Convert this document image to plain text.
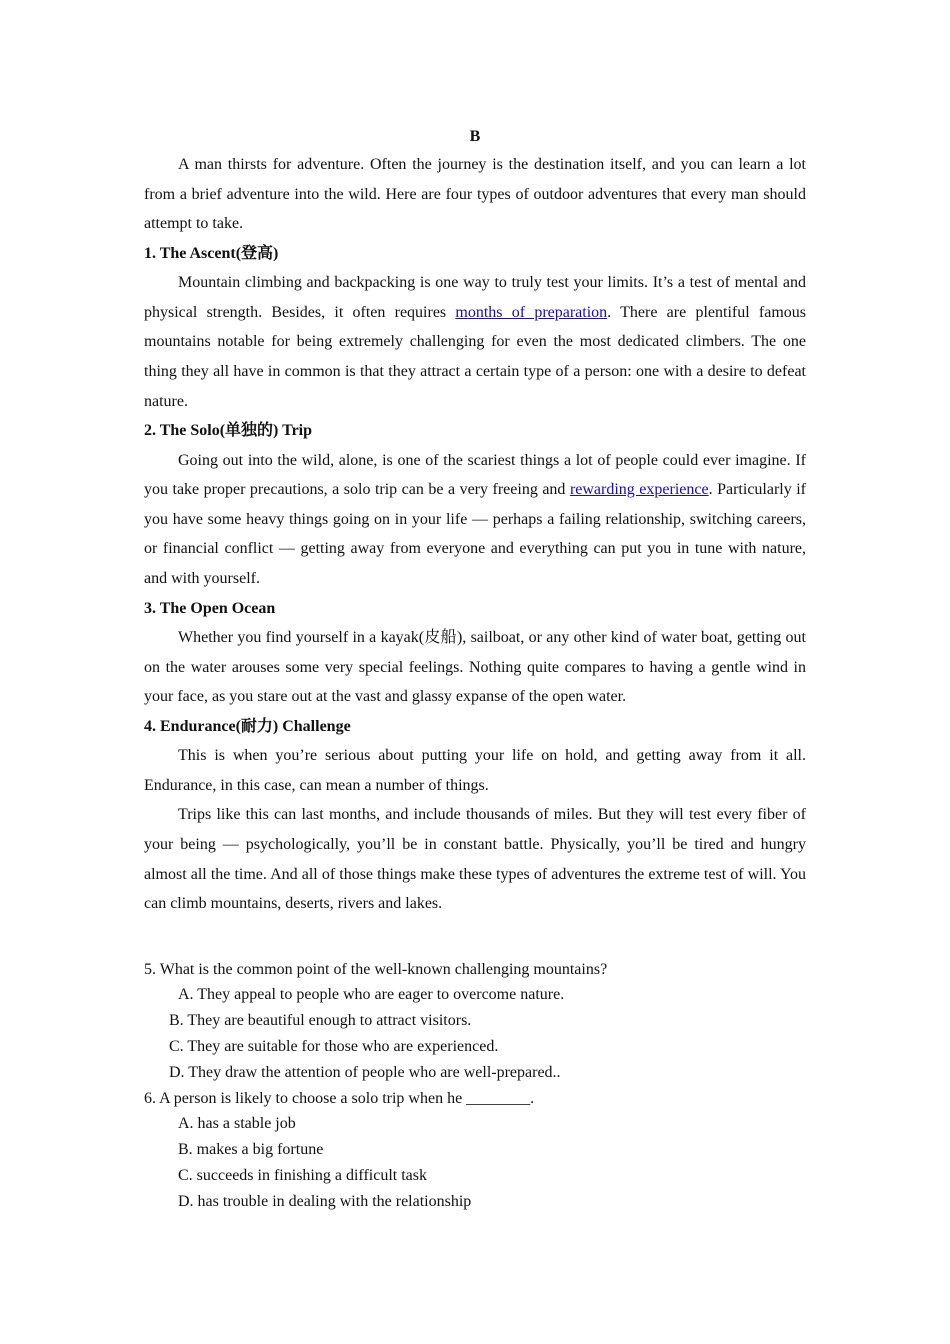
B

A man thirsts for adventure. Often the journey is the destination itself, and you can learn a lot from a brief adventure into the wild. Here are four types of outdoor adventures that every man should attempt to take.

1. The Ascent(登高)

Mountain climbing and backpacking is one way to truly test your limits. It’s a test of mental and physical strength. Besides, it often requires months of preparation. There are plentiful famous mountains notable for being extremely challenging for even the most dedicated climbers. The one thing they all have in common is that they attract a certain type of a person: one with a desire to defeat nature.

2. The Solo(单独的) Trip

Going out into the wild, alone, is one of the scariest things a lot of people could ever imagine. If you take proper precautions, a solo trip can be a very freeing and rewarding experience. Particularly if you have some heavy things going on in your life — perhaps a failing relationship, switching careers, or financial conflict — getting away from everyone and everything can put you in tune with nature, and with yourself.

3. The Open Ocean

Whether you find yourself in a kayak(皮船), sailboat, or any other kind of water boat, getting out on the water arouses some very special feelings. Nothing quite compares to having a gentle wind in your face, as you stare out at the vast and glassy expanse of the open water.

4. Endurance(耐力) Challenge

This is when you’re serious about putting your life on hold, and getting away from it all. Endurance, in this case, can mean a number of things.

Trips like this can last months, and include thousands of miles. But they will test every fiber of your being — psychologically, you’ll be in constant battle. Physically, you’ll be tired and hungry almost all the time. And all of those things make these types of adventures the extreme test of will. You can climb mountains, deserts, rivers and lakes.

5. What is the common point of the well-known challenging mountains?

A. They appeal to people who are eager to overcome nature.

B. They are beautiful enough to attract visitors.

C. They are suitable for those who are experienced.

D. They draw the attention of people who are well-prepared..

6. A person is likely to choose a solo trip when he ________.

A. has a stable job

B. makes a big fortune

C. succeeds in finishing a difficult task

D. has trouble in dealing with the relationship
